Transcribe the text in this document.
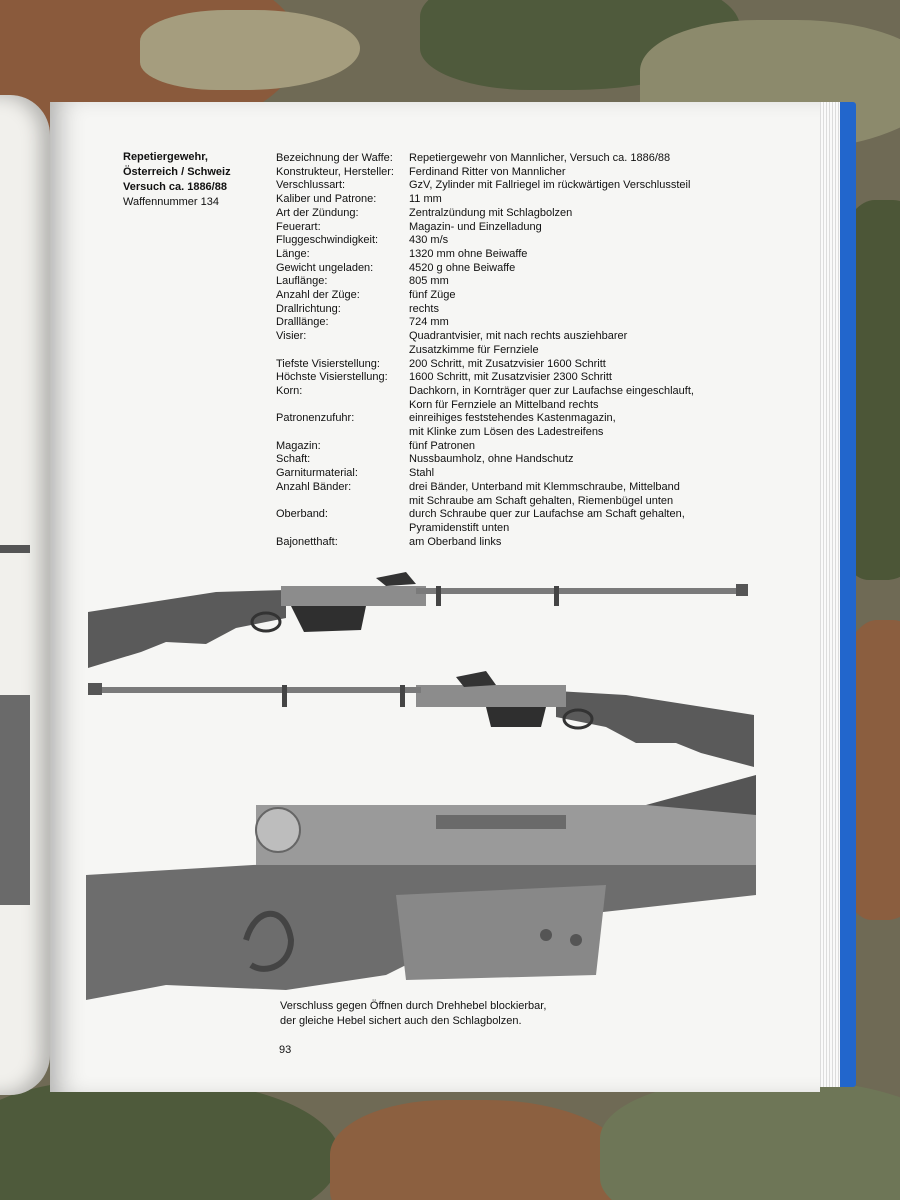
Repetiergewehr,
Österreich / Schweiz
Versuch ca. 1886/88
Waffennummer 134
Bezeichnung der Waffe:	Repetiergewehr von Mannlicher, Versuch ca. 1886/88
Konstrukteur, Hersteller:	Ferdinand Ritter von Mannlicher
Verschlussart:	GzV, Zylinder mit Fallriegel im rückwärtigen Verschlussteil
Kaliber und Patrone:	11 mm
Art der Zündung:	Zentralzündung mit Schlagbolzen
Feuerart:	Magazin- und Einzelladung
Fluggeschwindigkeit:	430 m/s
Länge:	1320 mm ohne Beiwaffe
Gewicht ungeladen:	4520 g ohne Beiwaffe
Lauflänge:	805 mm
Anzahl der Züge:	fünf Züge
Drallrichtung:	rechts
Dralllänge:	724 mm
Visier:	Quadrantvisier, mit nach rechts ausziehbarer
Zusatzkimme für Fernziele
Tiefste Visierstellung:	200 Schritt, mit Zusatzvisier 1600 Schritt
Höchste Visierstellung:	1600 Schritt, mit Zusatzvisier 2300 Schritt
Korn:	Dachkorn, in Kornträger quer zur Laufachse eingeschlauft,
Korn für Fernziele an Mittelband rechts
Patronenzufuhr:	einreihiges feststehendes Kastenmagazin,
mit Klinke zum Lösen des Ladestreifens
Magazin:	fünf Patronen
Schaft:	Nussbaumholz, ohne Handschutz
Garniturmaterial:	Stahl
Anzahl Bänder:	drei Bänder, Unterband mit Klemmschraube, Mittelband
mit Schraube am Schaft gehalten, Riemenbügel unten
Oberband:	durch Schraube quer zur Laufachse am Schaft gehalten,
Pyramidenstift unten
Bajonetthaft:	am Oberband links
Verschluss gegen Öffnen durch Drehhebel blockierbar,
der gleiche Hebel sichert auch den Schlagbolzen.
93
